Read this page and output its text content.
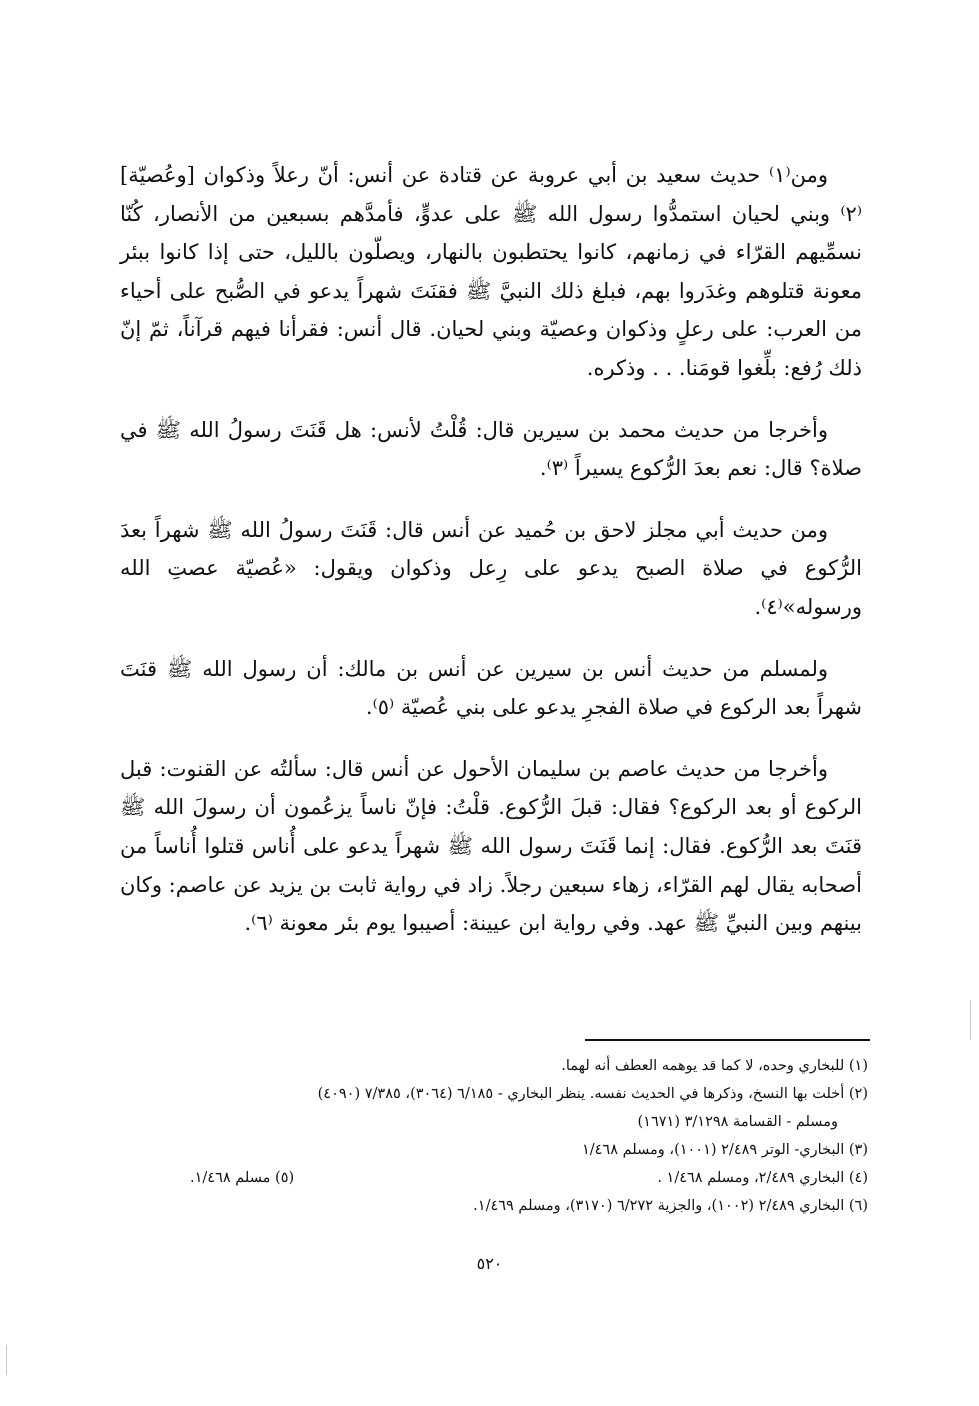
ومن⁽١⁾ حديث سعيد بن أبي عروبة عن قتادة عن أنس: أنّ رعلاً وذكوان [وعُصيّة] ⁽٢⁾ وبني لحيان استمدُّوا رسول الله ﷺ على عدوٍّ، فأمدَّهم بسبعين من الأنصار، كُنّا نسمِّيهم القرّاء في زمانهم، كانوا يحتطبون بالنهار، ويصلّون بالليل، حتى إذا كانوا ببئر معونة قتلوهم وغدَروا بهم، فبلغ ذلك النبيَّ ﷺ فقنَتَ شهراً يدعو في الصُّبح على أحياء من العرب: على رعلٍ وذكوان وعصيّة وبني لحيان. قال أنس: فقرأنا فيهم قرآناً، ثمّ إنّ ذلك رُفع: بلِّغوا قومَنا. . . وذكره.

وأخرجا من حديث محمد بن سيرين قال: قُلْتُ لأنس: هل قَنَتَ رسولُ الله ﷺ في صلاة؟ قال: نعم بعدَ الرُّكوع يسيراً ⁽٣⁾.

ومن حديث أبي مجلز لاحق بن حُميد عن أنس قال: قَنَتَ رسولُ الله ﷺ شهراً بعدَ الرُّكوع في صلاة الصبح يدعو على رِعل وذكوان ويقول: «عُصيّة عصتِ الله ورسوله»⁽٤⁾.

ولمسلم من حديث أنس بن سيرين عن أنس بن مالك: أن رسول الله ﷺ قنَتَ شهراً بعد الركوع في صلاة الفجرِ يدعو على بني عُصيّة ⁽٥⁾.

وأخرجا من حديث عاصم بن سليمان الأحول عن أنس قال: سألتُه عن القنوت: قبل الركوع أو بعد الركوع؟ فقال: قبلَ الرُّكوع. قلْتُ: فإنّ ناساً يزعُمون أن رسولَ الله ﷺ قنَتَ بعد الرُّكوع. فقال: إنما قَنَتَ رسول الله ﷺ شهراً يدعو على أُناس قتلوا أُناساً من أصحابه يقال لهم القرّاء، زهاء سبعين رجلاً. زاد في رواية ثابت بن يزيد عن عاصم: وكان بينهم وبين النبيِّ ﷺ عهد. وفي رواية ابن عيينة: أصيبوا يوم بئر معونة ⁽٦⁾.

(١) للبخاري وحده، لا كما قد يوهمه العطف أنه لهما.

(٢) أخلت بها النسخ، وذكرها في الحديث نفسه. ينظر البخاري - ٦/١٨٥ (٣٠٦٤)، ٧/٣٨٥ (٤٠٩٠)

ومسلم - القسامة ٣/١٢٩٨ (١٦٧١)

(٣) البخاري- الوتر ٢/٤٨٩ (١٠٠١)، ومسلم ١/٤٦٨

(٤) البخاري ٢/٤٨٩، ومسلم ١/٤٦٨ .
(٥) مسلم ١/٤٦٨.

(٦) البخاري ٢/٤٨٩ (١٠٠٢)، والجزية ٦/٢٧٢ (٣١٧٠)، ومسلم ١/٤٦٩.

٥٢٠
